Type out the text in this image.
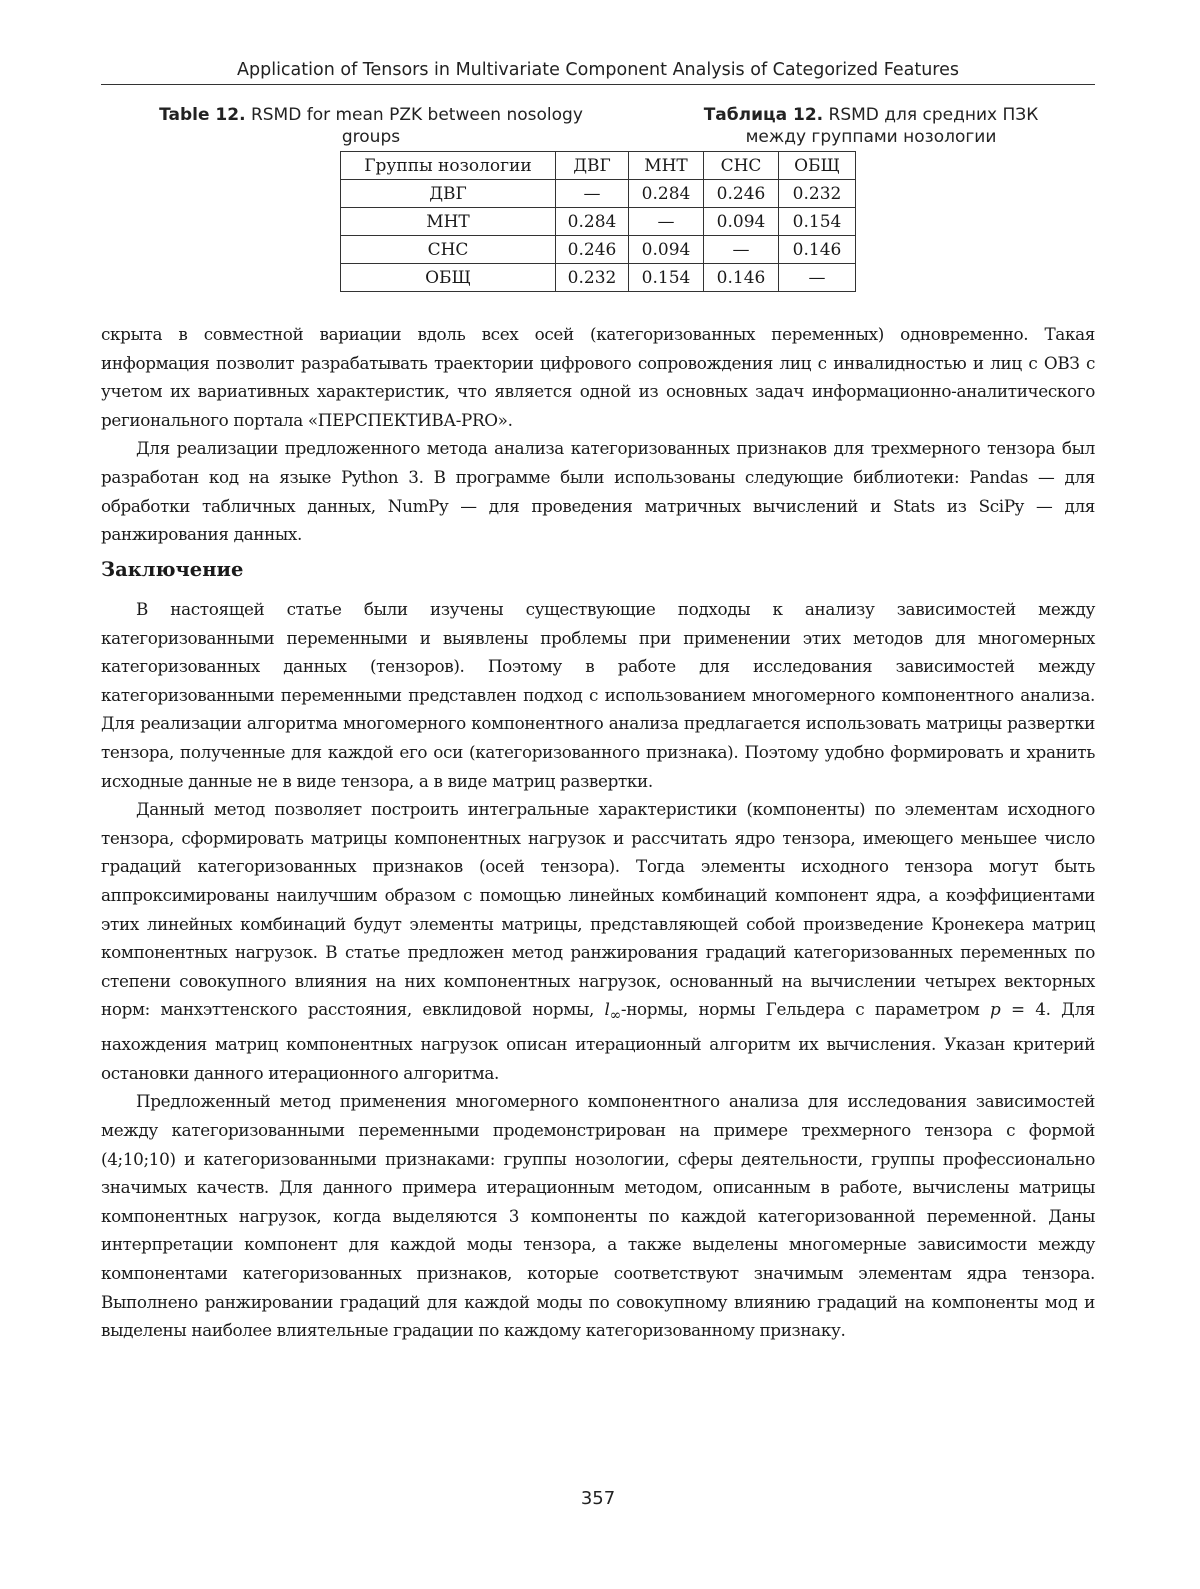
Application of Tensors in Multivariate Component Analysis of Categorized Features
Table 12. RSMD for mean PZK between nosology groups
Таблица 12. RSMD для средних ПЗК между группами нозологии
Группы нозологии	ДВГ	МНТ	СНС	ОБЩ
ДВГ	—	0.284	0.246	0.232
МНТ	0.284	—	0.094	0.154
СНС	0.246	0.094	—	0.146
ОБЩ	0.232	0.154	0.146	—

скрыта в совместной вариации вдоль всех осей (категоризованных переменных) одновременно. Такая информация позволит разрабатывать траектории цифрового сопровождения лиц с инвалидностью и лиц с ОВЗ с учетом их вариативных характеристик, что является одной из основных задач информационно-аналитического регионального портала «ПЕРСПЕКТИВА-PRO».

Для реализации предложенного метода анализа категоризованных признаков для трехмерного тензора был разработан код на языке Python 3. В программе были использованы следующие библиотеки: Pandas — для обработки табличных данных, NumPy — для проведения матричных вычислений и Stats из SciPy — для ранжирования данных.

Заключение

В настоящей статье были изучены существующие подходы к анализу зависимостей между категоризованными переменными и выявлены проблемы при применении этих методов для многомерных категоризованных данных (тензоров). Поэтому в работе для исследования зависимостей между категоризованными переменными представлен подход с использованием многомерного компонентного анализа. Для реализации алгоритма многомерного компонентного анализа предлагается использовать матрицы развертки тензора, полученные для каждой его оси (категоризованного признака). Поэтому удобно формировать и хранить исходные данные не в виде тензора, а в виде матриц развертки.

Данный метод позволяет построить интегральные характеристики (компоненты) по элементам исходного тензора, сформировать матрицы компонентных нагрузок и рассчитать ядро тензора, имеющего меньшее число градаций категоризованных признаков (осей тензора). Тогда элементы исходного тензора могут быть аппроксимированы наилучшим образом с помощью линейных комбинаций компонент ядра, а коэффициентами этих линейных комбинаций будут элементы матрицы, представляющей собой произведение Кронекера матриц компонентных нагрузок. В статье предложен метод ранжирования градаций категоризованных переменных по степени совокупного влияния на них компонентных нагрузок, основанный на вычислении четырех векторных норм: манхэттенского расстояния, евклидовой нормы, $l_\infty$-нормы, нормы Гельдера с параметром p = 4. Для нахождения матриц компонентных нагрузок описан итерационный алгоритм их вычисления. Указан критерий остановки данного итерационного алгоритма.

Предложенный метод применения многомерного компонентного анализа для исследования зависимостей между категоризованными переменными продемонстрирован на примере трехмерного тензора с формой (4;10;10) и категоризованными признаками: группы нозологии, сферы деятельности, группы профессионально значимых качеств. Для данного примера итерационным методом, описанным в работе, вычислены матрицы компонентных нагрузок, когда выделяются 3 компоненты по каждой категоризованной переменной. Даны интерпретации компонент для каждой моды тензора, а также выделены многомерные зависимости между компонентами категоризованных признаков, которые соответствуют значимым элементам ядра тензора. Выполнено ранжировании градаций для каждой моды по совокупному влиянию градаций на компоненты мод и выделены наиболее влиятельные градации по каждому категоризованному признаку.

357
